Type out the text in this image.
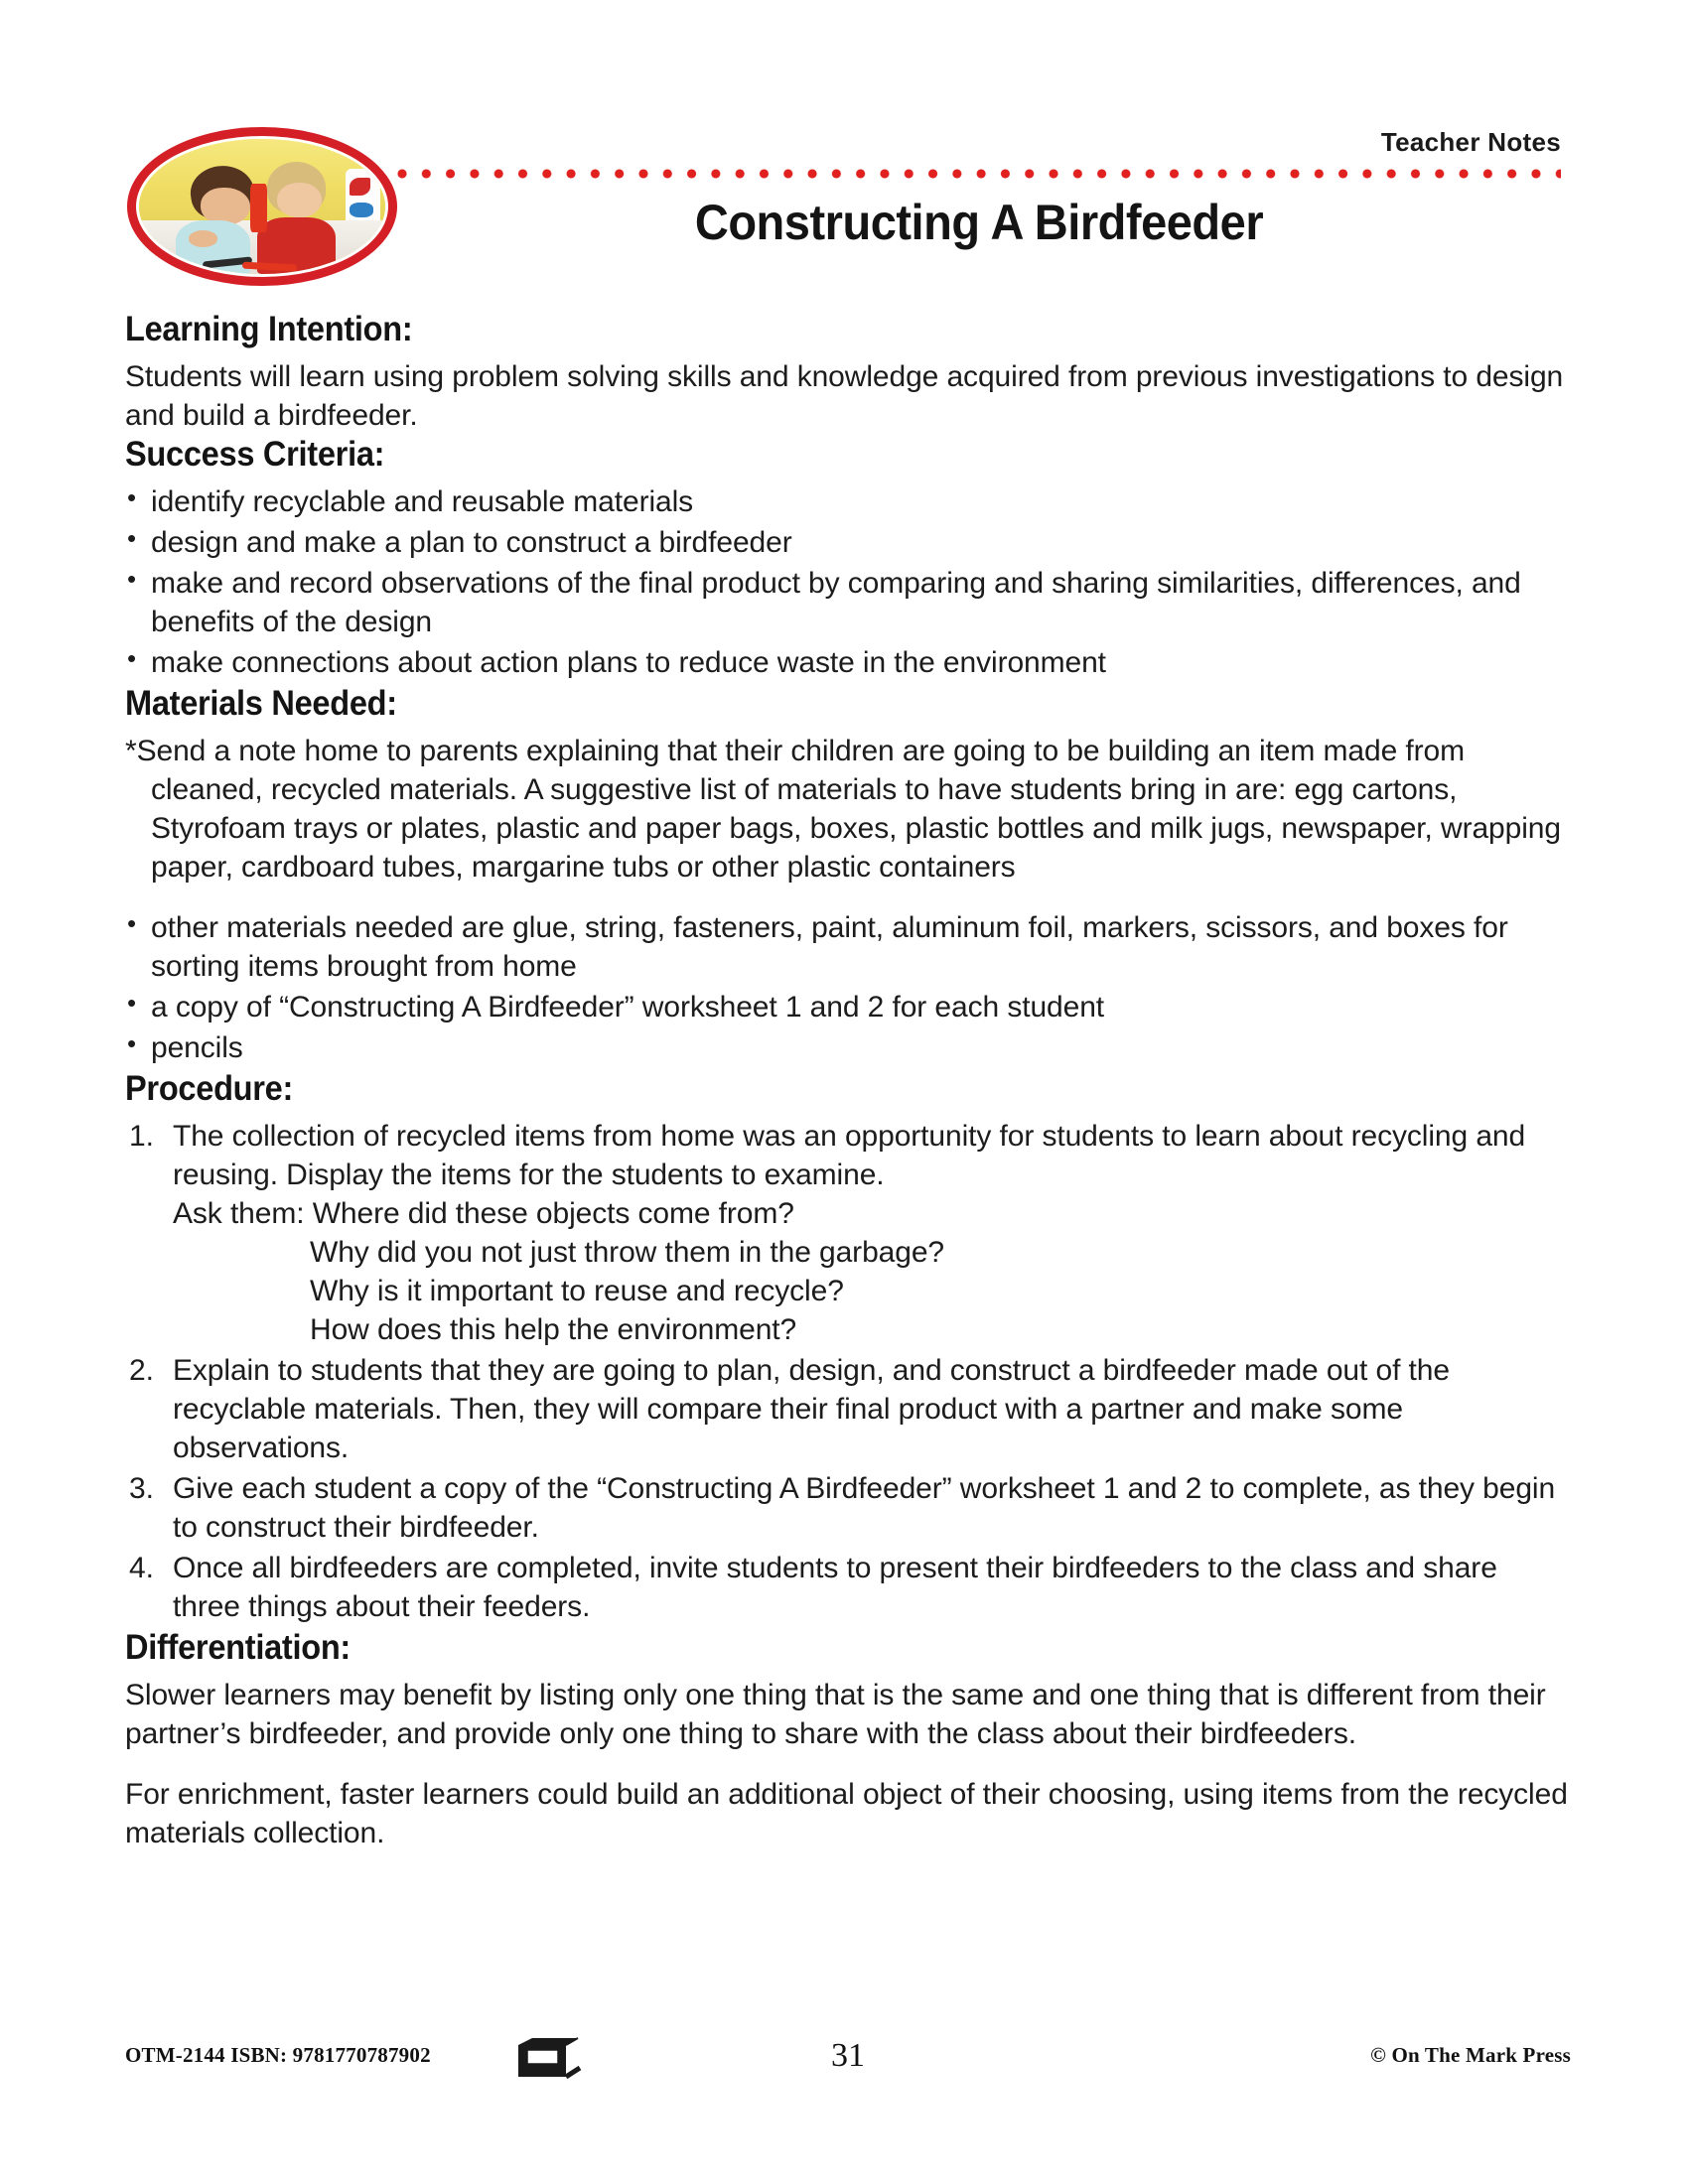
Teacher Notes
Constructing A Birdfeeder
Learning Intention:

Students will learn using problem solving skills and knowledge acquired from previous investigations to design and build a birdfeeder.

Success Criteria:
• identify recyclable and reusable materials
• design and make a plan to construct a birdfeeder
• make and record observations of the final product by comparing and sharing similarities, differences, and benefits of the design
• make connections about action plans to reduce waste in the environment
Materials Needed:
*Send a note home to parents explaining that their children are going to be building an item made from cleaned, recycled materials. A suggestive list of materials to have students bring in are: egg cartons, Styrofoam trays or plates, plastic and paper bags, boxes, plastic bottles and milk jugs, newspaper, wrapping paper, cardboard tubes, margarine tubs or other plastic containers
• other materials needed are glue, string, fasteners, paint, aluminum foil, markers, scissors, and boxes for sorting items brought from home
• a copy of “Constructing A Birdfeeder” worksheet 1 and 2 for each student
• pencils
Procedure:
The collection of recycled items from home was an opportunity for students to learn about recycling and reusing. Display the items for the students to examine.
Ask them: Where did these objects come from?
Why did you not just throw them in the garbage?
Why is it important to reuse and recycle?
How does this help the environment?
Explain to students that they are going to plan, design, and construct a birdfeeder made out of the recyclable materials. Then, they will compare their final product with a partner and make some observations.
Give each student a copy of the “Constructing A Birdfeeder” worksheet 1 and 2 to complete, as they begin to construct their birdfeeder.
Once all birdfeeders are completed, invite students to present their birdfeeders to the class and share three things about their feeders.
Differentiation:

Slower learners may benefit by listing only one thing that is the same and one thing that is different from their partner’s birdfeeder, and provide only one thing to share with the class about their birdfeeders.

For enrichment, faster learners could build an additional object of their choosing, using items from the recycled materials collection.

OTM-2144 ISBN: 9781770787902	31	© On The Mark Press
